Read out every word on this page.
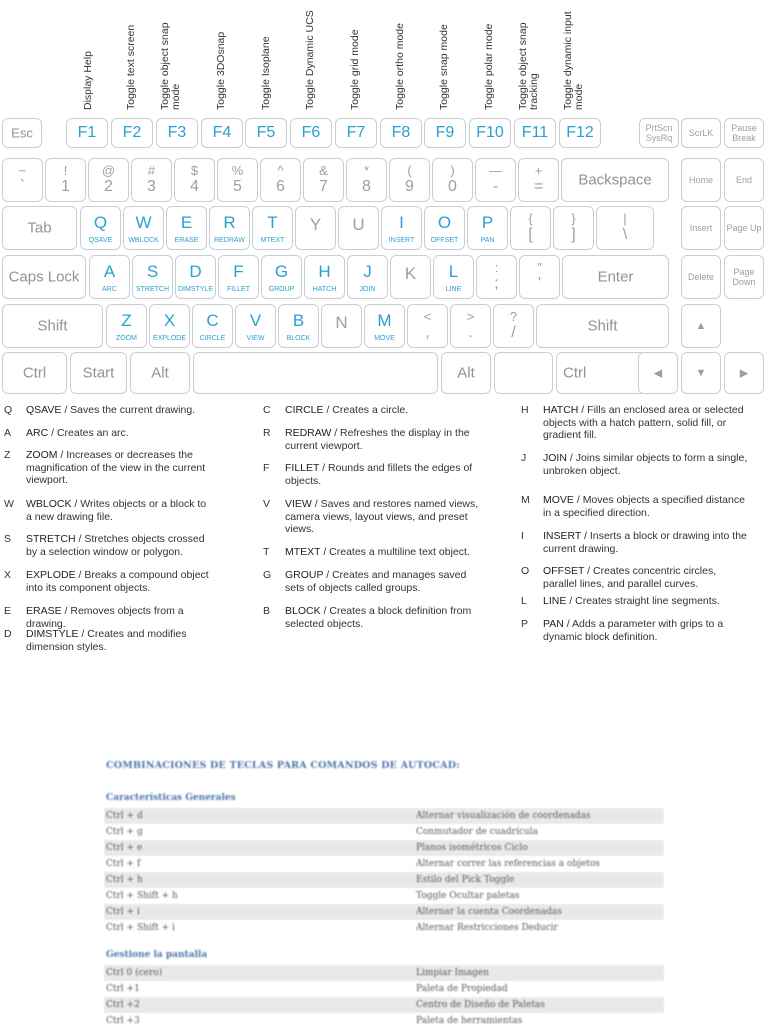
Display Help	Toggle text screen Toggle object snap mode	Toggle 3DOsnap	Toggle Isoplane	Toggle Dynamic UCS	Toggle grid mode	Toggle ortho mode	Toggle snap mode	Toggle polar mode Toggle object snap tracking Toggle dynamic input mode
Esc	F1	F2	F3	F4	F5	F6	F7	F8	F9	F10	F11	F12	PrtScn SysRq	ScrLK	Pause Break
~
`
!
1
@
2
#
3
$
4
%
5
^
6
&
7
*
8
(
9
)
0
—
-
+
=	Backspace	Home	End
Tab	Q
QSAVE
W
WBLOCK
E
ERASE
R
REDRAW
T
MTEXT
Y	U	I
INSERT
O
OFFSET
P
PAN
{
[
}
]
|
\	Insert	Page Up
Caps Lock	A
ARC
S
STRETCH
D
DIMSTYLE
F
FILLET
G
GROUP
H
HATCH
J
JOIN
K	L
LINE
:
;
"
'	Enter	Delete	Page Down
Shift	Z
ZOOM
X
EXPLODE
C
CIRCLE
V
VIEW
B
BLOCK
N	M
MOVE
<
,
>
.
?
/	Shift	▲
Ctrl	Start	Alt	Alt	Ctrl	◀	▼	▶
Q QSAVE / Saves the current drawing.
A ARC / Creates an arc.
Z ZOOM / Increases or decreases the magnification of the view in the current viewport.
W WBLOCK / Writes objects or a block to a new drawing file.
S STRETCH / Stretches objects crossed by a selection window or polygon.
X EXPLODE / Breaks a compound object into its component objects.
E ERASE / Removes objects from a drawing.
D DIMSTYLE / Creates and modifies dimension styles.
C CIRCLE / Creates a circle.
R REDRAW / Refreshes the display in the current viewport.
F FILLET / Rounds and fillets the edges of objects.
V VIEW / Saves and restores named views, camera views, layout views, and preset views.
T MTEXT / Creates a multiline text object.
G GROUP / Creates and manages saved sets of objects called groups.
B BLOCK / Creates a block definition from selected objects.
H HATCH / Fills an enclosed area or selected objects with a hatch pattern, solid fill, or gradient fill.
J JOIN / Joins similar objects to form a single, unbroken object.
M MOVE / Moves objects a specified distance in a specified direction.
I INSERT / Inserts a block or drawing into the current drawing.
O OFFSET / Creates concentric circles, parallel lines, and parallel curves.
L LINE / Creates straight line segments.
P PAN / Adds a parameter with grips to a dynamic block definition.
COMBINACIONES DE TECLAS PARA COMANDOS DE AUTOCAD:
Características Generales
Ctrl + d	Alternar visualización de coordenadas
Ctrl + g	Conmutador de cuadrícula
Ctrl + e	Planos isométricos Ciclo
Ctrl + f	Alternar correr las referencias a objetos
Ctrl + h	Estilo del Pick Toggle
Ctrl + Shift + h	Toggle Ocultar paletas
Ctrl + i	Alternar la cuenta Coordenadas
Ctrl + Shift + i	Alternar Restricciones Deducir
Gestione la pantalla
Ctrl 0 (cero)	Limpiar Imagen
Ctrl +1	Paleta de Propiedad
Ctrl +2	Centro de Diseño de Paletas
Ctrl +3	Paleta de herramientas
